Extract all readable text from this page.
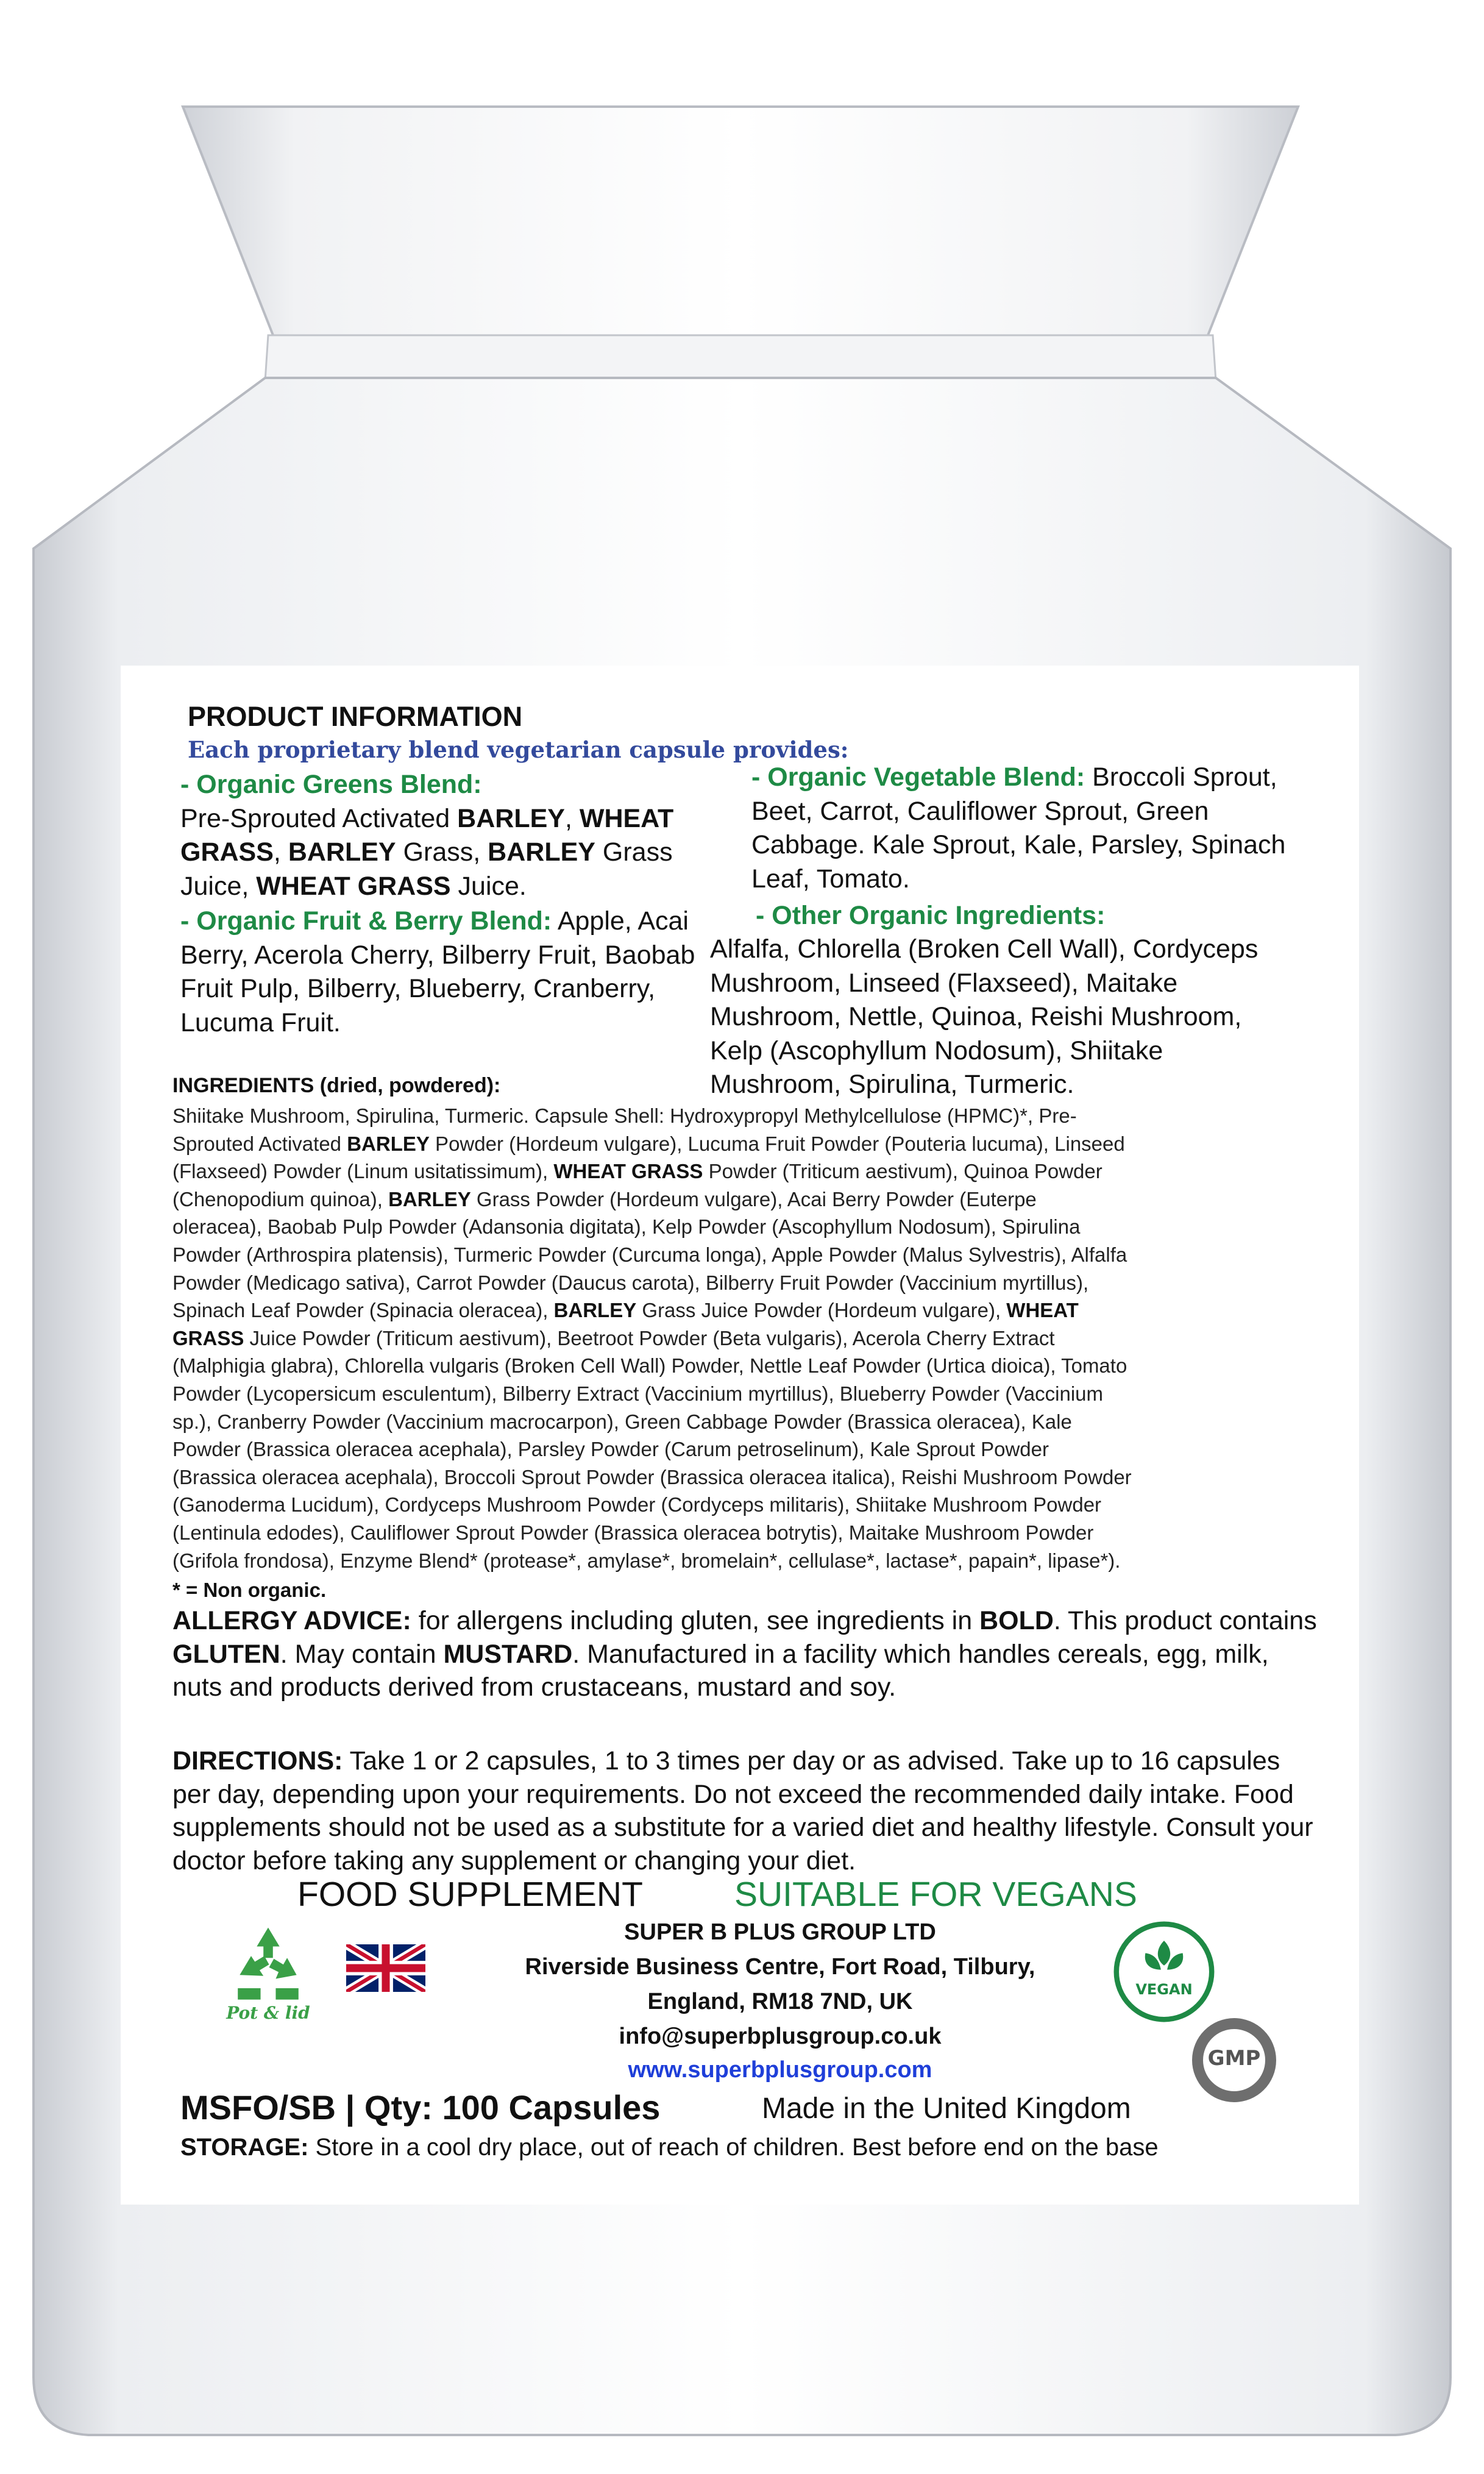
PRODUCT INFORMATION
Each proprietary blend vegetarian capsule provides:
- Organic Greens Blend:
Pre-Sprouted Activated BARLEY, WHEAT GRASS, BARLEY Grass, BARLEY Grass Juice, WHEAT GRASS Juice.
- Organic Fruit & Berry Blend: Apple, Acai Berry, Acerola Cherry, Bilberry Fruit, Baobab Fruit Pulp, Bilberry, Blueberry, Cranberry, Lucuma Fruit.
- Organic Vegetable Blend: Broccoli Sprout, Beet, Carrot, Cauliflower Sprout, Green Cabbage. Kale Sprout, Kale, Parsley, Spinach Leaf, Tomato.
- Other Organic Ingredients:
Alfalfa, Chlorella (Broken Cell Wall), Cordyceps Mushroom, Linseed (Flaxseed), Maitake Mushroom, Nettle, Quinoa, Reishi Mushroom, Kelp (Ascophyllum Nodosum), Shiitake Mushroom, Spirulina, Turmeric.
INGREDIENTS (dried, powdered):
Shiitake Mushroom, Spirulina, Turmeric. Capsule Shell: Hydroxypropyl Methylcellulose (HPMC)*, Pre-
Sprouted Activated BARLEY Powder (Hordeum vulgare), Lucuma Fruit Powder (Pouteria lucuma), Linseed
(Flaxseed) Powder (Linum usitatissimum), WHEAT GRASS Powder (Triticum aestivum), Quinoa Powder
(Chenopodium quinoa), BARLEY Grass Powder (Hordeum vulgare), Acai Berry Powder (Euterpe
oleracea), Baobab Pulp Powder (Adansonia digitata), Kelp Powder (Ascophyllum Nodosum), Spirulina
Powder (Arthrospira platensis), Turmeric Powder (Curcuma longa), Apple Powder (Malus Sylvestris), Alfalfa
Powder (Medicago sativa), Carrot Powder (Daucus carota), Bilberry Fruit Powder (Vaccinium myrtillus),
Spinach Leaf Powder (Spinacia oleracea), BARLEY Grass Juice Powder (Hordeum vulgare), WHEAT
GRASS Juice Powder (Triticum aestivum), Beetroot Powder (Beta vulgaris), Acerola Cherry Extract
(Malphigia glabra), Chlorella vulgaris (Broken Cell Wall) Powder, Nettle Leaf Powder (Urtica dioica), Tomato
Powder (Lycopersicum esculentum), Bilberry Extract (Vaccinium myrtillus), Blueberry Powder (Vaccinium
sp.), Cranberry Powder (Vaccinium macrocarpon), Green Cabbage Powder (Brassica oleracea), Kale
Powder (Brassica oleracea acephala), Parsley Powder (Carum petroselinum), Kale Sprout Powder
(Brassica oleracea acephala), Broccoli Sprout Powder (Brassica oleracea italica), Reishi Mushroom Powder
(Ganoderma Lucidum), Cordyceps Mushroom Powder (Cordyceps militaris), Shiitake Mushroom Powder
(Lentinula edodes), Cauliflower Sprout Powder (Brassica oleracea botrytis), Maitake Mushroom Powder
(Grifola frondosa), Enzyme Blend* (protease*, amylase*, bromelain*, cellulase*, lactase*, papain*, lipase*).
* = Non organic.
ALLERGY ADVICE: for allergens including gluten, see ingredients in BOLD. This product contains GLUTEN. May contain MUSTARD. Manufactured in a facility which handles cereals, egg, milk, nuts and products derived from crustaceans, mustard and soy.
DIRECTIONS: Take 1 or 2 capsules, 1 to 3 times per day or as advised. Take up to 16 capsules per day, depending upon your requirements. Do not exceed the recommended daily intake. Food supplements should not be used as a substitute for a varied diet and healthy lifestyle. Consult your doctor before taking any supplement or changing your diet.
FOOD SUPPLEMENT	SUITABLE FOR VEGANS
Pot & lid
SUPER B PLUS GROUP LTD
Riverside Business Centre, Fort Road, Tilbury,
England, RM18 7ND, UK
info@superbplusgroup.co.uk
www.superbplusgroup.com
VEGAN
GMP
MSFO/SB | Qty: 100 Capsules	Made in the United Kingdom
STORAGE: Store in a cool dry place, out of reach of children. Best before end on the base
